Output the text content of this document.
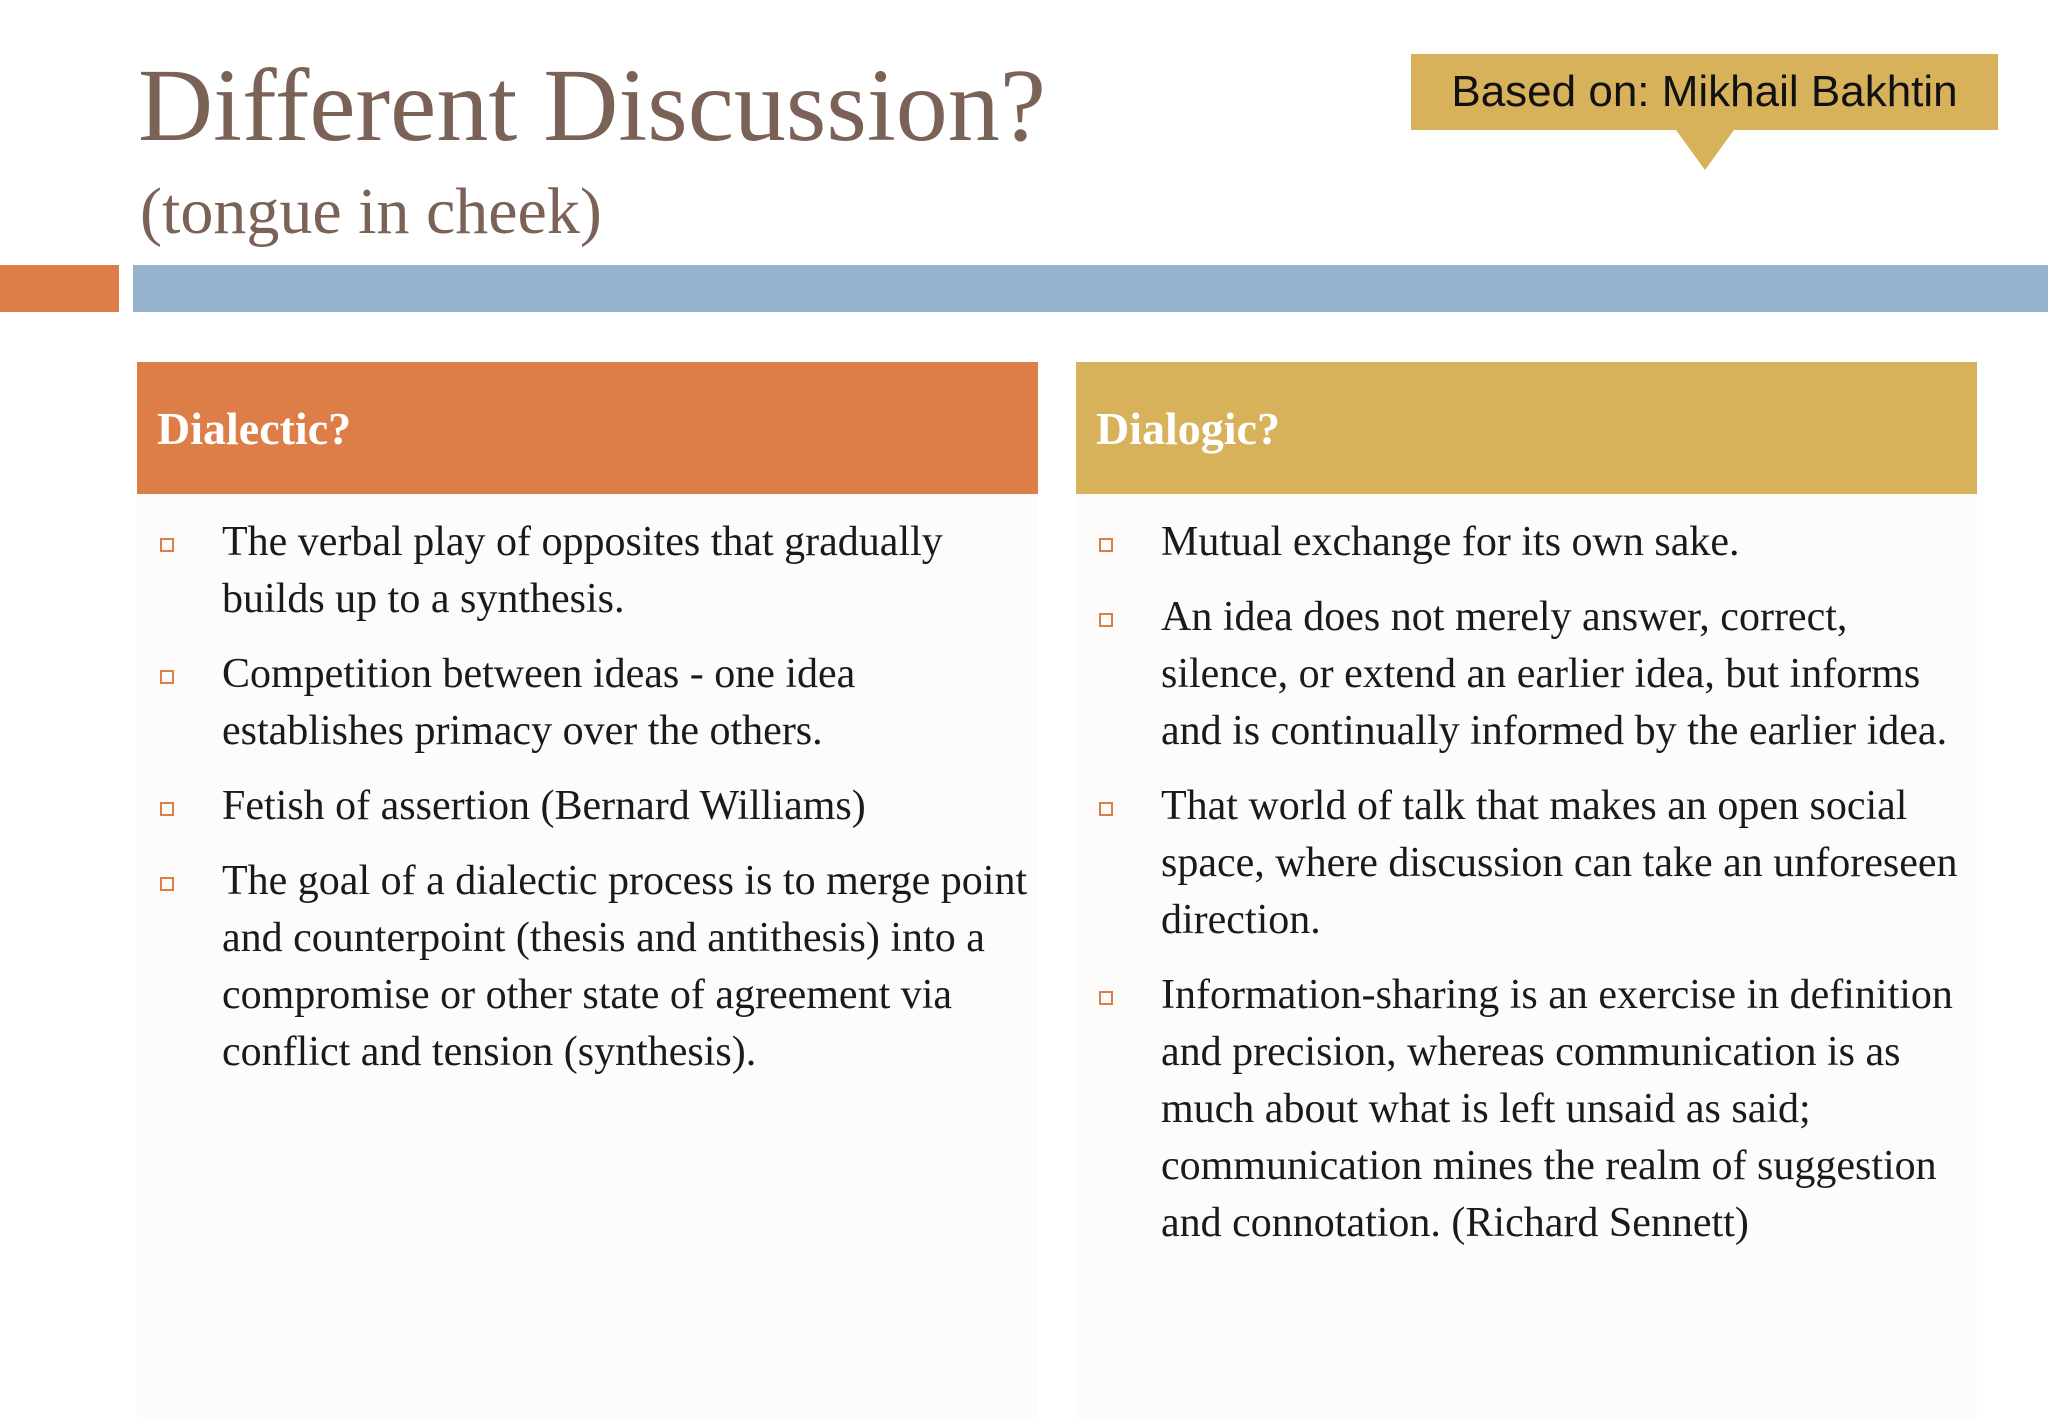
Different Discussion?
(tongue in cheek)
Based on: Mikhail Bakhtin
Dialectic?	Dialogic?
The verbal play of opposites that gradually builds up to a synthesis.
Competition between ideas - one idea establishes primacy over the others.
Fetish of assertion (Bernard Williams)
The goal of a dialectic process is to merge point and counterpoint (thesis and antithesis) into a compromise or other state of agreement via conflict and tension (synthesis).
Mutual exchange for its own sake.
An idea does not merely answer, correct, silence, or extend an earlier idea, but informs and is continually informed by the earlier idea.
That world of talk that makes an open social space, where discussion can take an unforeseen direction.
Information-sharing is an exercise in definition and precision, whereas communication is as much about what is left unsaid as said; communication mines the realm of suggestion and connotation. (Richard Sennett)
